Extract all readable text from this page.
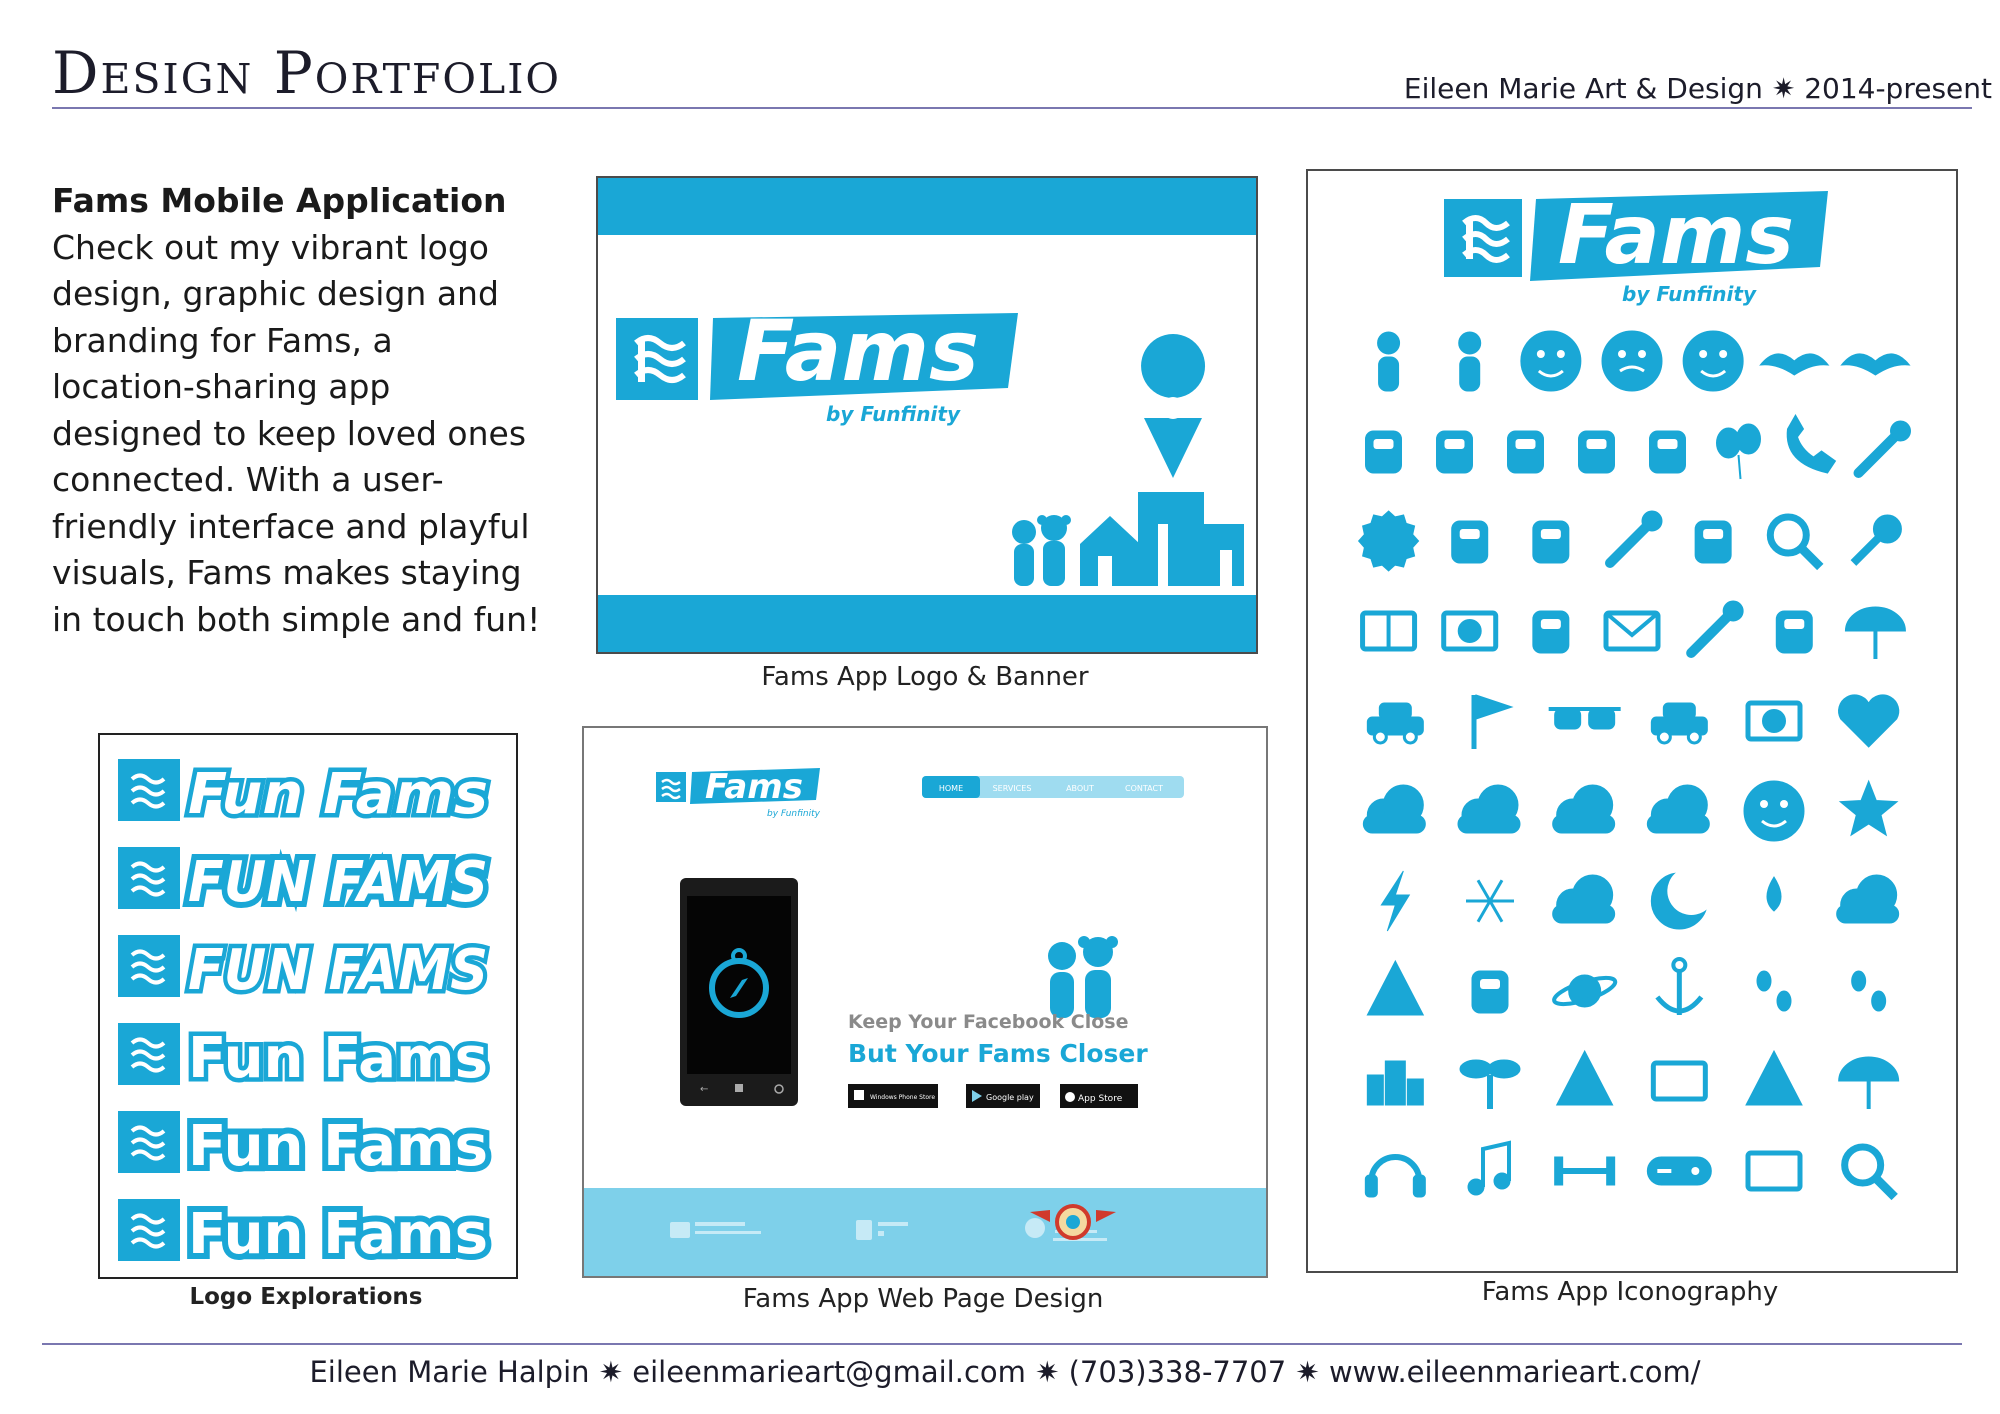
Design Portfolio	Eileen Marie Art & Design ✷ 2014-present
Fams Mobile Application
Check out my vibrant logo design, graphic design and branding for Fams, a location-sharing app designed to keep loved ones connected. With a user-friendly interface and playful visuals, Fams makes staying in touch both simple and fun!
Fams
by Funfinity
Fams App Logo & Banner
Fams
by Funfinity
Fams App Iconography
Fun Fams
FUN FAMS
FUN FAMS
Fun Fams
Fun Fams
Fun Fams
Logo Explorations
Fams
by Funfinity
HOME	SERVICES	ABOUT	CONTACT
←
Keep Your Facebook Close
But Your Fams Closer
Windows Phone Store	Google play	App Store
Fams App Web Page Design
Eileen Marie Halpin ✷ eileenmarieart@gmail.com ✷ (703)338-7707 ✷ www.eileenmarieart.com/
